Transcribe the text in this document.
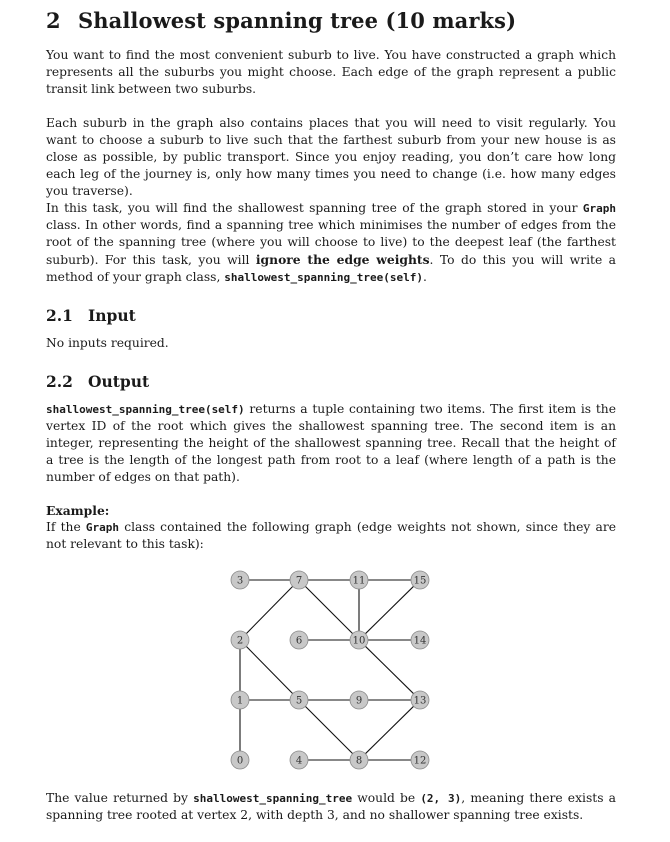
2 Shallowest spanning tree (10 marks)

You want to find the most convenient suburb to live. You have constructed a graph which represents all the suburbs you might choose. Each edge of the graph represent a public transit link between two suburbs.

Each suburb in the graph also contains places that you will need to visit regularly. You want to choose a suburb to live such that the farthest suburb from your new house is as close as possible, by public transport. Since you enjoy reading, you don’t care how long each leg of the journey is, only how many times you need to change (i.e. how many edges you traverse).

In this task, you will find the shallowest spanning tree of the graph stored in your Graph class. In other words, find a spanning tree which minimises the number of edges from the root of the spanning tree (where you will choose to live) to the deepest leaf (the farthest suburb). For this task, you will ignore the edge weights. To do this you will write a method of your graph class, shallowest_spanning_tree(self).

2.1 Input

No inputs required.

2.2 Output

shallowest_spanning_tree(self) returns a tuple containing two items. The first item is the vertex ID of the root which gives the shallowest spanning tree. The second item is an integer, representing the height of the shallowest spanning tree. Recall that the height of a tree is the length of the longest path from root to a leaf (where length of a path is the number of edges on that path).

Example:

If the Graph class contained the following graph (edge weights not shown, since they are not relevant to this task):

3	7	11	15
2	6	10	14
1	5	9	13
0	4	8	12

The value returned by shallowest_spanning_tree would be (2, 3), meaning there exists a spanning tree rooted at vertex 2, with depth 3, and no shallower spanning tree exists.
